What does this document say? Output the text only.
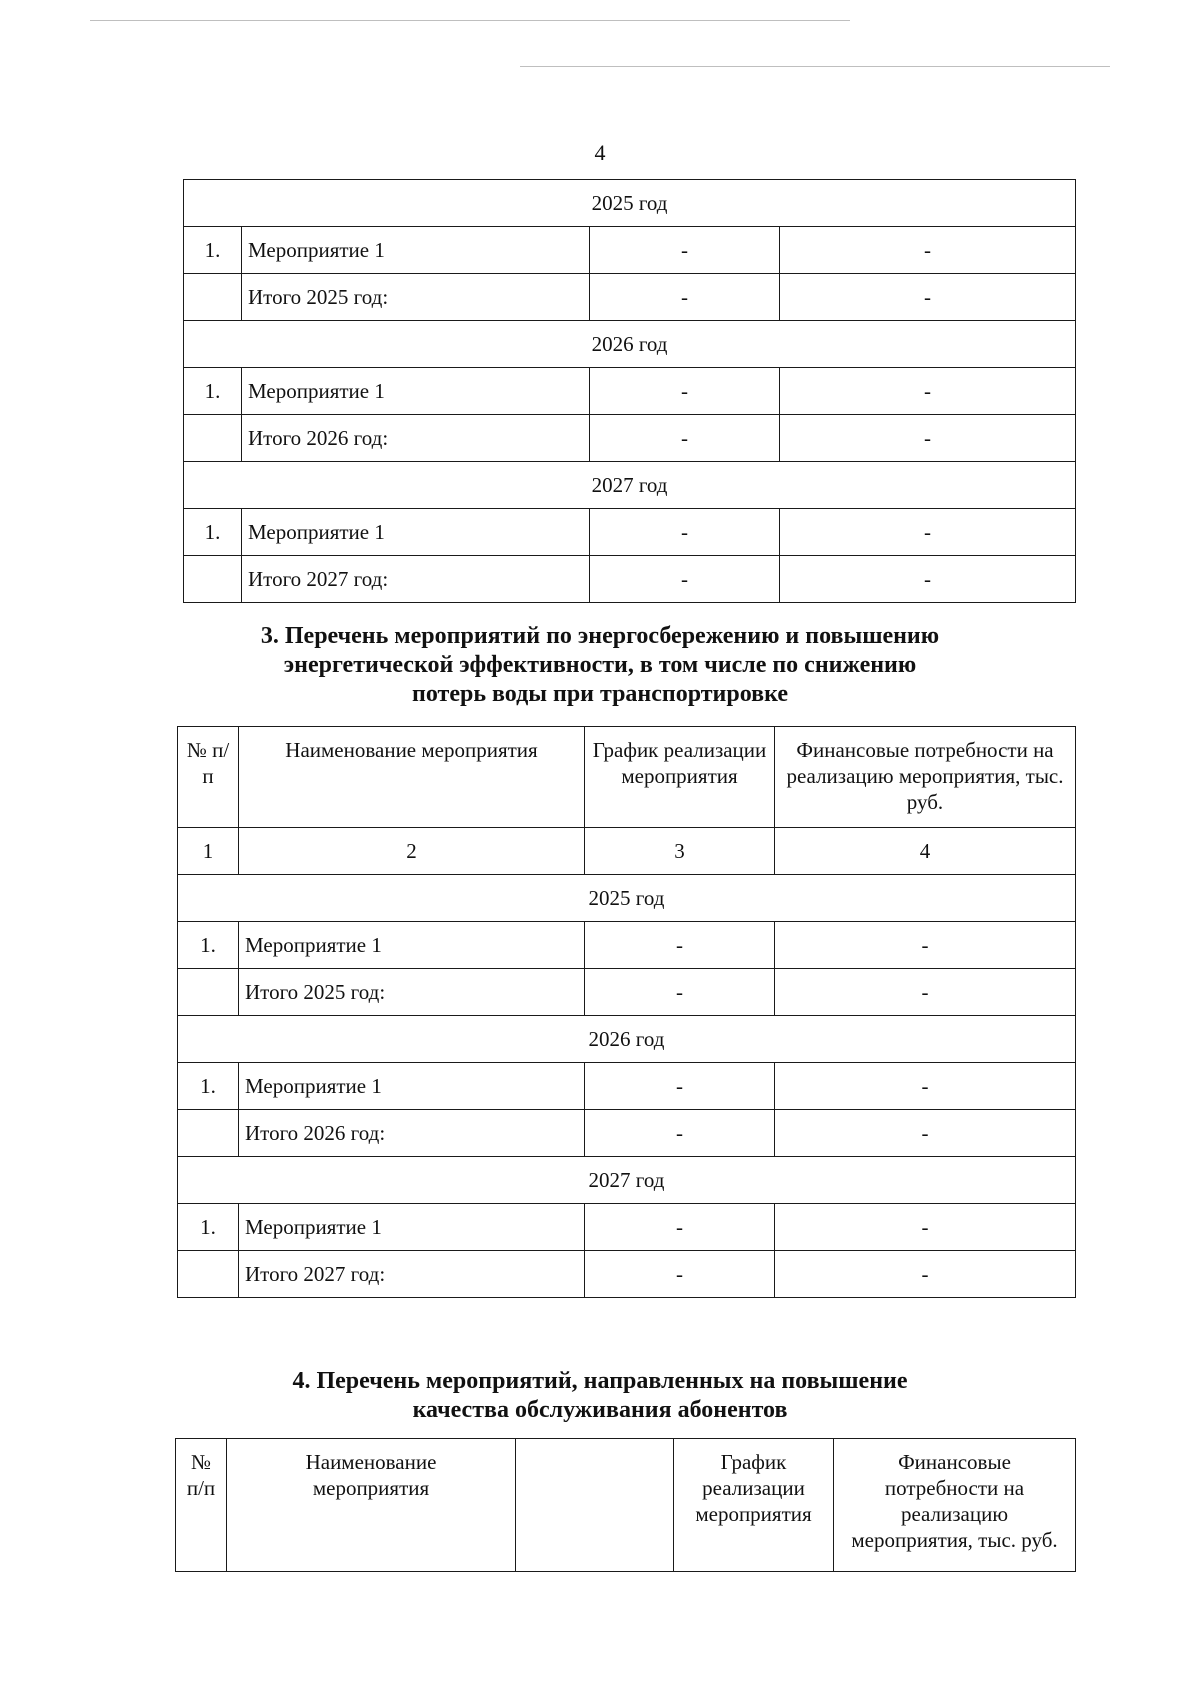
4
2025 год			
1.	Мероприятие 1	-	-
	Итого 2025 год:	-	-
2026 год			
1.	Мероприятие 1	-	-
	Итого 2026 год:	-	-
2027 год			
1.	Мероприятие 1	-	-
	Итого 2027 год:	-	-
3. Перечень мероприятий по энергосбережению и повышению
энергетической эффективности, в том числе по снижению
потерь воды при транспортировке
№ п/п	Наименование мероприятия	График реализации мероприятия	Финансовые потребности на реализацию мероприятия, тыс. руб.
1	2	3	4
2025 год			
1.	Мероприятие 1	-	-
	Итого 2025 год:	-	-
2026 год			
1.	Мероприятие 1	-	-
	Итого 2026 год:	-	-
2027 год			
1.	Мероприятие 1	-	-
	Итого 2027 год:	-	-
4. Перечень мероприятий, направленных на повышение
качества обслуживания абонентов
№ п/п	Наименование мероприятия		График реализации мероприятия	Финансовые потребности на реализацию мероприятия, тыс. руб.
